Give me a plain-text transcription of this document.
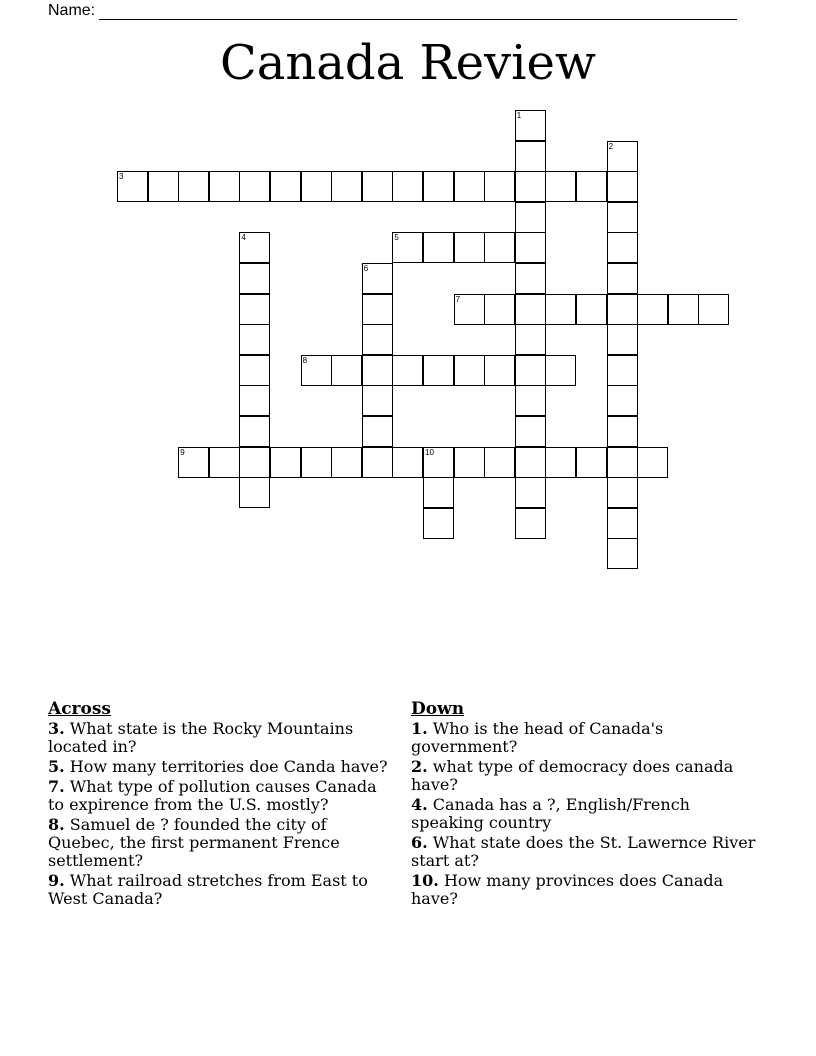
Name:
Canada Review
1
2
3
4	5
6
7
8
9	10
Across
3. What state is the Rocky Mountains located in?
5. How many territories doe Canda have?
7. What type of pollution causes Canada to expirence from the U.S. mostly?
8. Samuel de ? founded the city of Quebec, the first permanent Frence settlement?
9. What railroad stretches from East to West Canada?
Down
1. Who is the head of Canada's government?
2. what type of democracy does canada have?
4. Canada has a ?, English/French speaking country
6. What state does the St. Lawernce River start at?
10. How many provinces does Canada have?
